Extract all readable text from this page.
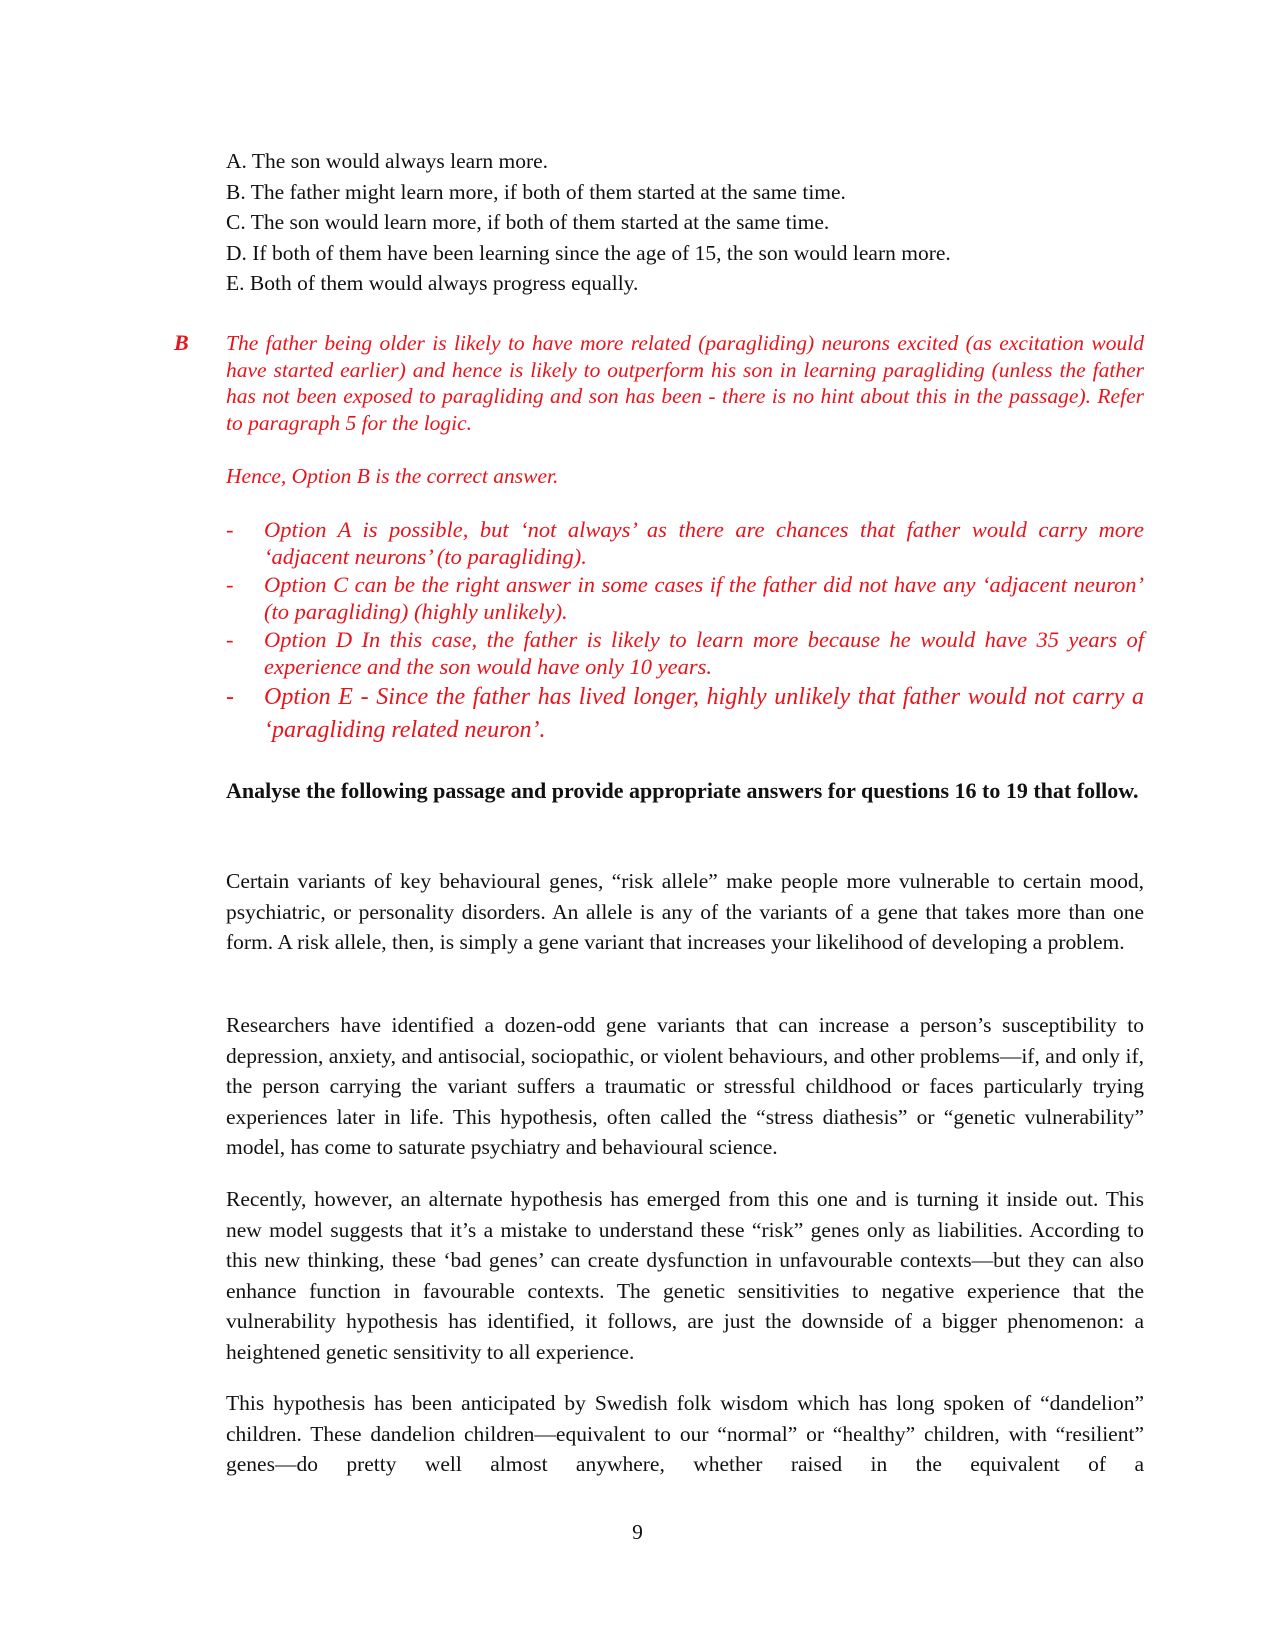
A. The son would always learn more.
B. The father might learn more, if both of them started at the same time.
C. The son would learn more, if both of them started at the same time.
D. If both of them have been learning since the age of 15, the son would learn more.
E. Both of them would always progress equally.
B The father being older is likely to have more related (paragliding) neurons excited (as excitation would have started earlier) and hence is likely to outperform his son in learning paragliding (unless the father has not been exposed to paragliding and son has been - there is no hint about this in the passage). Refer to paragraph 5 for the logic.
Hence, Option B is the correct answer.
- Option A is possible, but ‘not always’ as there are chances that father would carry more ‘adjacent neurons’ (to paragliding).
- Option C can be the right answer in some cases if the father did not have any ‘adjacent neuron’ (to paragliding) (highly unlikely).
- Option D In this case, the father is likely to learn more because he would have 35 years of experience and the son would have only 10 years.
- Option E - Since the father has lived longer, highly unlikely that father would not carry a ‘paragliding related neuron’.
Analyse the following passage and provide appropriate answers for questions 16 to 19 that follow.

Certain variants of key behavioural genes, “risk allele” make people more vulnerable to certain mood, psychiatric, or personality disorders. An allele is any of the variants of a gene that takes more than one form. A risk allele, then, is simply a gene variant that increases your likelihood of developing a problem.

Researchers have identified a dozen-odd gene variants that can increase a person’s susceptibility to depression, anxiety, and antisocial, sociopathic, or violent behaviours, and other problems—if, and only if, the person carrying the variant suffers a traumatic or stressful childhood or faces particularly trying experiences later in life. This hypothesis, often called the “stress diathesis” or “genetic vulnerability” model, has come to saturate psychiatry and behavioural science.

Recently, however, an alternate hypothesis has emerged from this one and is turning it inside out. This new model suggests that it’s a mistake to understand these “risk” genes only as liabilities. According to this new thinking, these ‘bad genes’ can create dysfunction in unfavourable contexts—but they can also enhance function in favourable contexts. The genetic sensitivities to negative experience that the vulnerability hypothesis has identified, it follows, are just the downside of a bigger phenomenon: a heightened genetic sensitivity to all experience.

This hypothesis has been anticipated by Swedish folk wisdom which has long spoken of “dandelion” children. These dandelion children—equivalent to our “normal” or “healthy” children, with “resilient” genes—do pretty well almost anywhere, whether raised in the equivalent of a

9
